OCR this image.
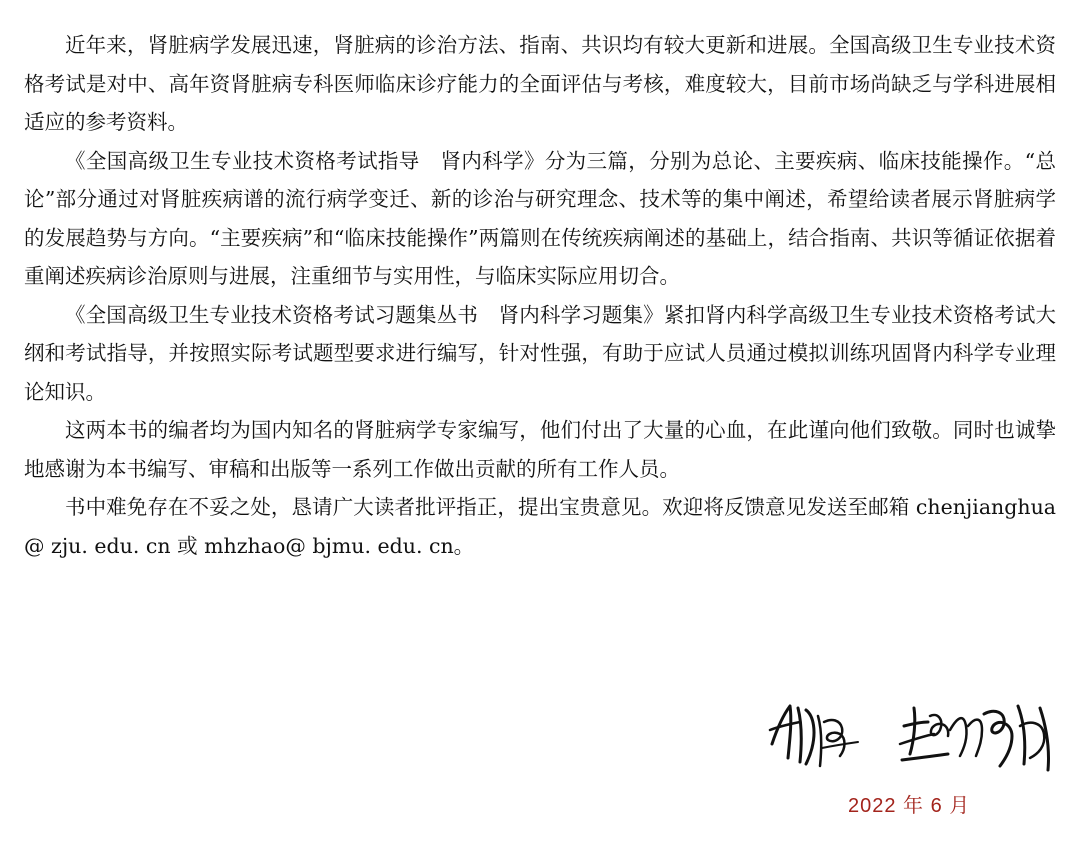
近年来，肾脏病学发展迅速，肾脏病的诊治方法、指南、共识均有较大更新和进展。全国高级卫生专业技术资格考试是对中、高年资肾脏病专科医师临床诊疗能力的全面评估与考核，难度较大，目前市场尚缺乏与学科进展相适应的参考资料。

《全国高级卫生专业技术资格考试指导　肾内科学》分为三篇，分别为总论、主要疾病、临床技能操作。“总论”部分通过对肾脏疾病谱的流行病学变迁、新的诊治与研究理念、技术等的集中阐述，希望给读者展示肾脏病学的发展趋势与方向。“主要疾病”和“临床技能操作”两篇则在传统疾病阐述的基础上，结合指南、共识等循证依据着重阐述疾病诊治原则与进展，注重细节与实用性，与临床实际应用切合。

《全国高级卫生专业技术资格考试习题集丛书　肾内科学习题集》紧扣肾内科学高级卫生专业技术资格考试大纲和考试指导，并按照实际考试题型要求进行编写，针对性强，有助于应试人员通过模拟训练巩固肾内科学专业理论知识。

这两本书的编者均为国内知名的肾脏病学专家编写，他们付出了大量的心血，在此谨向他们致敬。同时也诚挚地感谢为本书编写、审稿和出版等一系列工作做出贡献的所有工作人员。

书中难免存在不妥之处，恳请广大读者批评指正，提出宝贵意见。欢迎将反馈意见发送至邮箱 chenjianghua@ zju. edu. cn 或 mhzhao@ bjmu. edu. cn。

2022 年 6 月
